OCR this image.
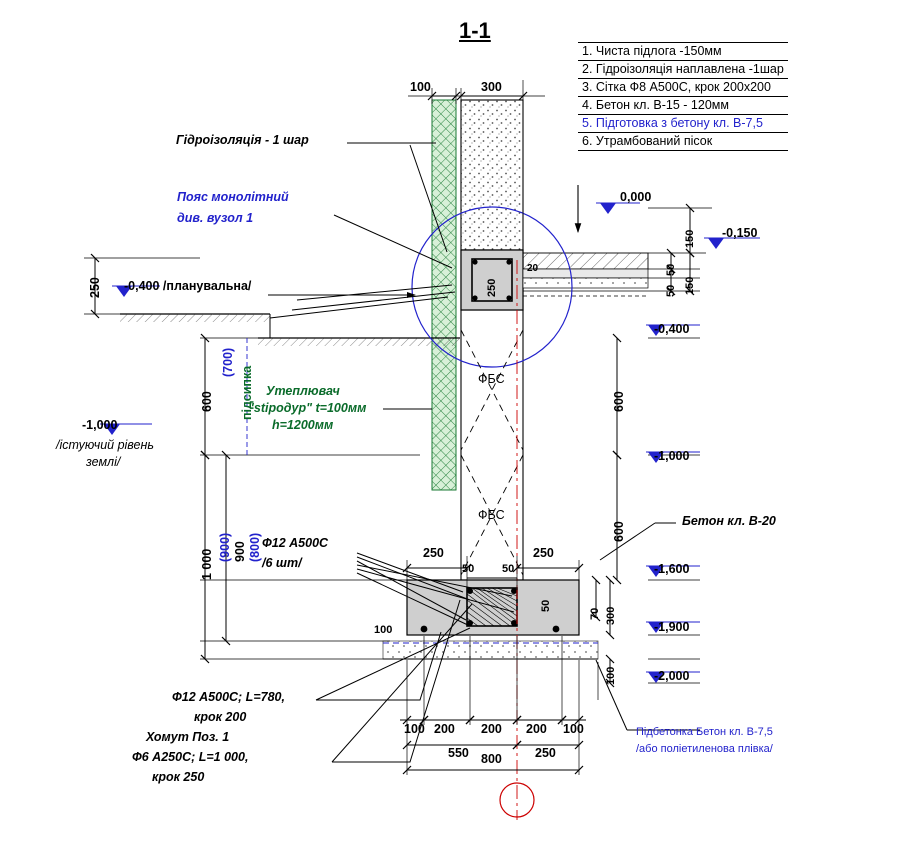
1-1
1. Чиста підлога -150мм
2. Гідроізоляція наплавлена -1шар
3. Сітка Ф8 А500С, крок 200х200
4. Бетон кл. В-15 - 120мм
5. Підготовка з бетону кл. В-7,5
6. Утрамбований пісок
100	300
Гідроізоляція - 1 шар
Пояс монолітний
див. вузол 1
0,000
-0,150
-0,400
-0,400 /планувальна/
-1,000
-1,000
-1,600
-1,900
-2,000
/істуючий рівень
землі/
Утеплювач
"stіродур" t=100мм
h=1200мм
ФБС
ФБС	Бетон кл. В-20
Ф12 А500С
/6 шт/
Ф12 А500С; L=780,
крок 200
Хомут Поз. 1
Ф6 А250С; L=1 000,
крок 250
Підбетонка Бетон кл. В-7,5
/або поліетиленова плівка/
250
600
(700)
підсипка
1 000
(900) 900 (800)
600
600
150
150
50
50
250
20
250	250
50	50
50
70 300
100
100
100 200 200 200 100
550	250
800
